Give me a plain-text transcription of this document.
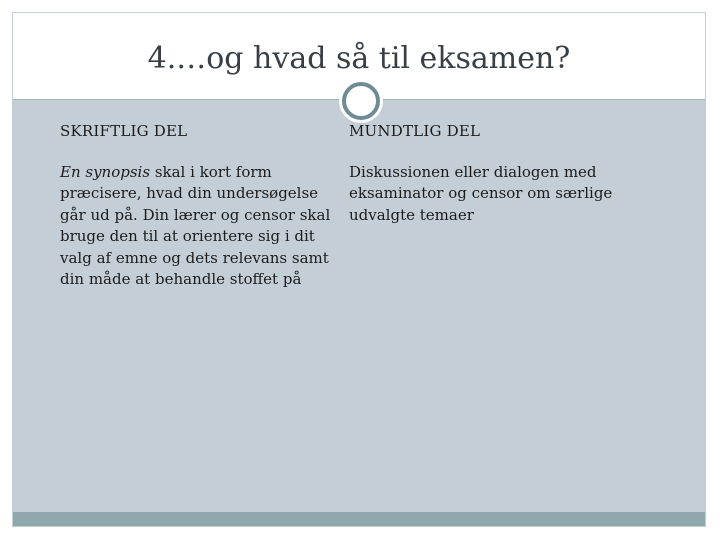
4.…og hvad så til eksamen?
SKRIFTLIG DEL

En synopsis skal i kort form præcisere, hvad din undersøgelse går ud på. Din lærer og censor skal bruge den til at orientere sig i dit valg af emne og dets relevans samt din måde at behandle stoffet på

MUNDTLIG DEL

Diskussionen eller dialogen med eksaminator og censor om særlige udvalgte temaer
